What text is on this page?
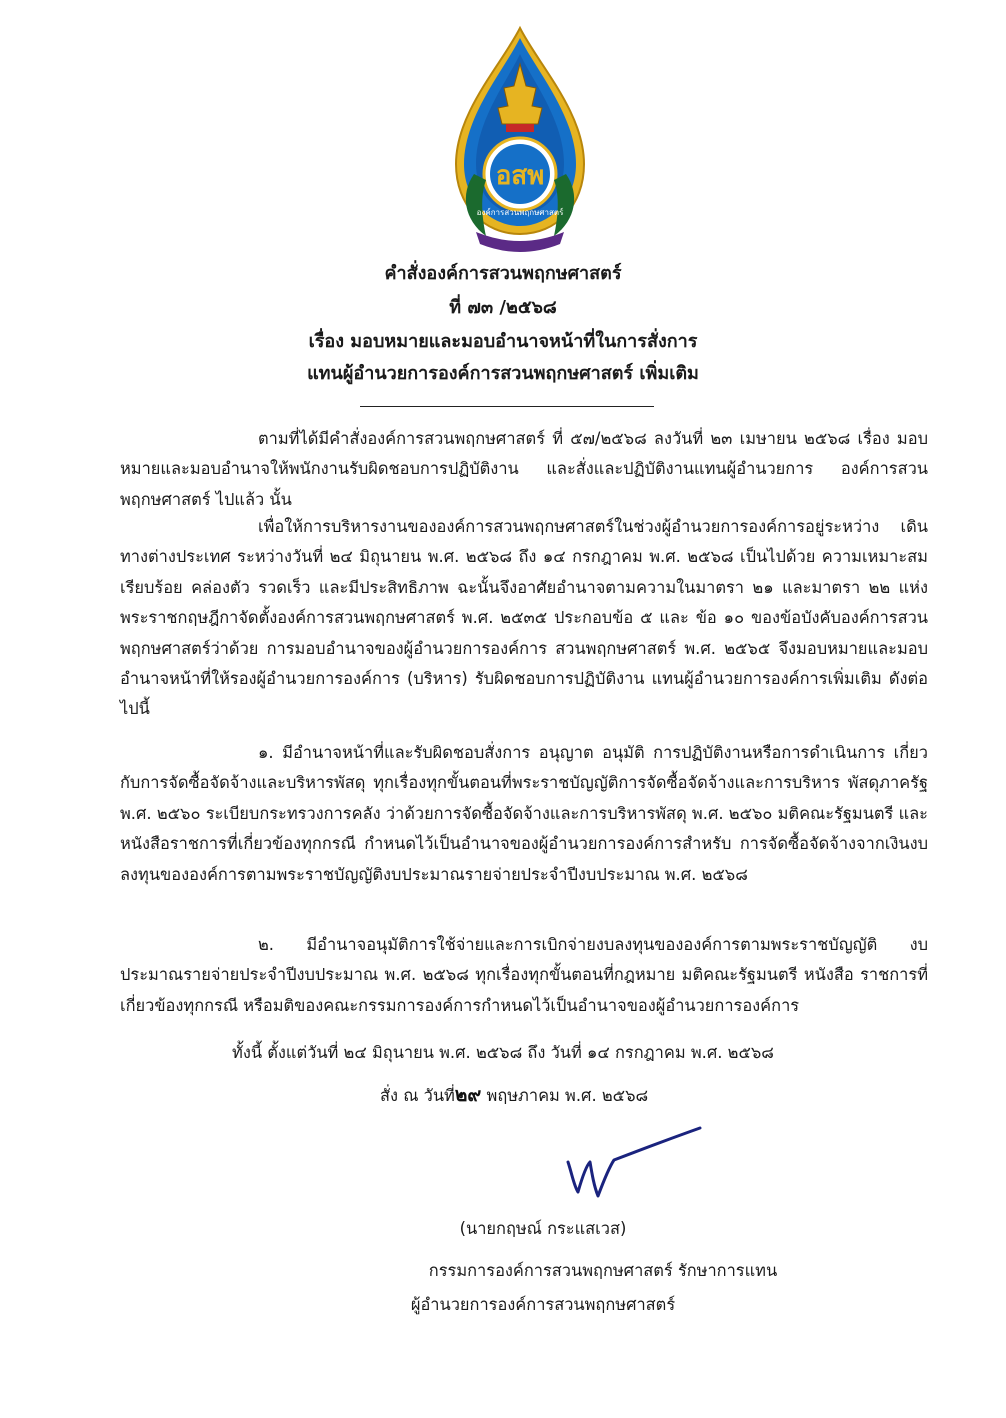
อสพ
องค์การสวนพฤกษศาสตร์
คำสั่งองค์การสวนพฤกษศาสตร์
ที่ ๗๓ /๒๕๖๘
เรื่อง มอบหมายและมอบอำนาจหน้าที่ในการสั่งการ
แทนผู้อำนวยการองค์การสวนพฤกษศาสตร์ เพิ่มเติม
ตามที่ได้มีคำสั่งองค์การสวนพฤกษศาสตร์ ที่ ๕๗/๒๕๖๘ ลงวันที่ ๒๓ เมษายน ๒๕๖๘ เรื่อง มอบหมายและมอบอำนาจให้พนักงานรับผิดชอบการปฏิบัติงาน และสั่งและปฏิบัติงานแทนผู้อำนวยการ องค์การสวนพฤกษศาสตร์ ไปแล้ว นั้น
เพื่อให้การบริหารงานขององค์การสวนพฤกษศาสตร์ในช่วงผู้อำนวยการองค์การอยู่ระหว่าง เดินทางต่างประเทศ ระหว่างวันที่ ๒๔ มิถุนายน พ.ศ. ๒๕๖๘ ถึง ๑๔ กรกฎาคม พ.ศ. ๒๕๖๘ เป็นไปด้วย ความเหมาะสม เรียบร้อย คล่องตัว รวดเร็ว และมีประสิทธิภาพ ฉะนั้นจึงอาศัยอำนาจตามความในมาตรา ๒๑ และมาตรา ๒๒ แห่งพระราชกฤษฎีกาจัดตั้งองค์การสวนพฤกษศาสตร์ พ.ศ. ๒๕๓๕ ประกอบข้อ ๕ และ ข้อ ๑๐ ของข้อบังคับองค์การสวนพฤกษศาสตร์ว่าด้วย การมอบอำนาจของผู้อำนวยการองค์การ สวนพฤกษศาสตร์ พ.ศ. ๒๕๖๕ จึงมอบหมายและมอบอำนาจหน้าที่ให้รองผู้อำนวยการองค์การ (บริหาร) รับผิดชอบการปฏิบัติงาน แทนผู้อำนวยการองค์การเพิ่มเติม ดังต่อไปนี้
๑. มีอำนาจหน้าที่และรับผิดชอบสั่งการ อนุญาต อนุมัติ การปฏิบัติงานหรือการดำเนินการ เกี่ยวกับการจัดซื้อจัดจ้างและบริหารพัสดุ ทุกเรื่องทุกขั้นตอนที่พระราชบัญญัติการจัดซื้อจัดจ้างและการบริหาร พัสดุภาครัฐ พ.ศ. ๒๕๖๐ ระเบียบกระทรวงการคลัง ว่าด้วยการจัดซื้อจัดจ้างและการบริหารพัสดุ พ.ศ. ๒๕๖๐ มติคณะรัฐมนตรี และหนังสือราชการที่เกี่ยวข้องทุกกรณี กำหนดไว้เป็นอำนาจของผู้อำนวยการองค์การสำหรับ การจัดซื้อจัดจ้างจากเงินงบลงทุนขององค์การตามพระราชบัญญัติงบประมาณรายจ่ายประจำปีงบประมาณ พ.ศ. ๒๕๖๘
๒. มีอำนาจอนุมัติการใช้จ่ายและการเบิกจ่ายงบลงทุนขององค์การตามพระราชบัญญัติ งบประมาณรายจ่ายประจำปีงบประมาณ พ.ศ. ๒๕๖๘ ทุกเรื่องทุกขั้นตอนที่กฎหมาย มติคณะรัฐมนตรี หนังสือ ราชการที่เกี่ยวข้องทุกกรณี หรือมติของคณะกรรมการองค์การกำหนดไว้เป็นอำนาจของผู้อำนวยการองค์การ
ทั้งนี้ ตั้งแต่วันที่ ๒๔ มิถุนายน พ.ศ. ๒๕๖๘ ถึง วันที่ ๑๔ กรกฎาคม พ.ศ. ๒๕๖๘
สั่ง ณ วันที่๒๙ พฤษภาคม พ.ศ. ๒๕๖๘
(นายกฤษณ์ กระแสเวส)
กรรมการองค์การสวนพฤกษศาสตร์ รักษาการแทน
ผู้อำนวยการองค์การสวนพฤกษศาสตร์
